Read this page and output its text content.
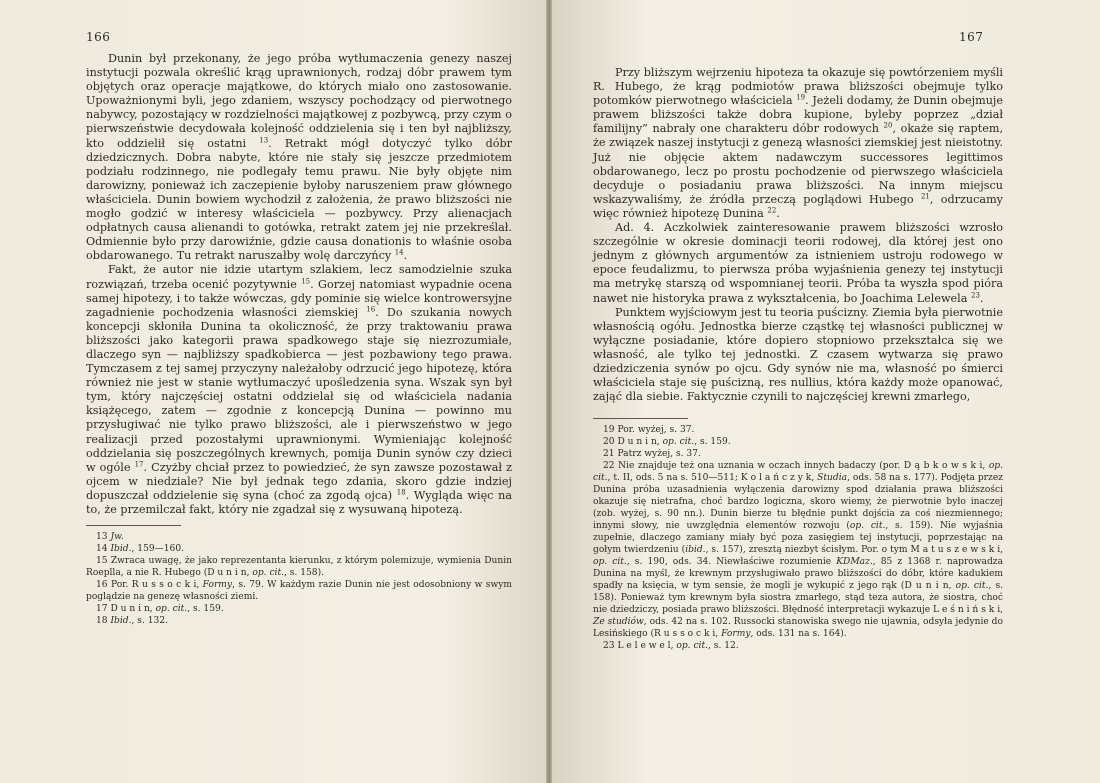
166

Dunin był przekonany, że jego próba wytłumaczenia genezy naszej instytucji pozwala określić krąg uprawnionych, rodzaj dóbr prawem tym objętych oraz operacje majątkowe, do których miało ono zastosowanie. Upoważnionymi byli, jego zdaniem, wszyscy pochodzący od pierwotnego nabywcy, pozostający w rozdzielności majątkowej z pozbywcą, przy czym o pierwszeństwie decydowała kolejność oddzielenia się i ten był najbliższy, kto oddzielił się ostatni $^{13}$. Retrakt mógł dotyczyć tylko dóbr dziedzicznych. Dobra nabyte, które nie stały się jeszcze przedmiotem podziału rodzinnego, nie podlegały temu prawu. Nie były objęte nim darowizny, ponieważ ich zaczepienie byłoby naruszeniem praw głównego właściciela. Dunin bowiem wychodził z założenia, że prawo bliższości nie mogło godzić w interesy właściciela — pozbywcy. Przy alienacjach odpłatnych causa alienandi to gotówka, retrakt zatem jej nie przekreślał. Odmiennie było przy darowiźnie, gdzie causa donationis to właśnie osoba obdarowanego. Tu retrakt naruszałby wolę darczyńcy $^{14}$.

Fakt, że autor nie idzie utartym szlakiem, lecz samodzielnie szuka rozwiązań, trzeba ocenić pozytywnie $^{15}$. Gorzej natomiast wypadnie ocena samej hipotezy, i to także wówczas, gdy pominie się wielce kontrowersyjne zagadnienie pochodzenia własności ziemskiej $^{16}$. Do szukania nowych koncepcji skłoniła Dunina ta okoliczność, że przy traktowaniu prawa bliższości jako kategorii prawa spadkowego staje się niezrozumiałe, dlaczego syn — najbliższy spadkobierca — jest pozbawiony tego prawa. Tymczasem z tej samej przyczyny należałoby odrzucić jego hipotezę, która również nie jest w stanie wytłumaczyć upośledzenia syna. Wszak syn był tym, który najczęściej ostatni oddzielał się od właściciela nadania książęcego, zatem — zgodnie z koncepcją Dunina — powinno mu przysługiwać nie tylko prawo bliższości, ale i pierwszeństwo w jego realizacji przed pozostałymi uprawnionymi. Wymieniając kolejność oddzielania się poszczególnych krewnych, pomija Dunin synów czy dzieci w ogóle $^{17}$. Czyżby chciał przez to powiedzieć, że syn zawsze pozostawał z ojcem w niedziale? Nie był jednak tego zdania, skoro gdzie indziej dopuszczał oddzielenie się syna (choć za zgodą ojca) $^{18}$. Wygląda więc na to, że przemilczał fakt, który nie zgadzał się z wysuwaną hipotezą.

13 Jw.
14 Ibid., 159—160.
15 Zwraca uwagę, że jako reprezentanta kierunku, z którym polemizuje, wymienia Dunin Roeplla, a nie R. Hubego (D u n i n, op. cit., s. 158).
16 Por. R u s s o c k i, Formy, s. 79. W każdym razie Dunin nie jest odosobniony w swym poglądzie na genezę własności ziemi.
17 D u n i n, op. cit., s. 159.
18 Ibid., s. 132.
167

Przy bliższym wejrzeniu hipoteza ta okazuje się powtórzeniem myśli R. Hubego, że krąg podmiotów prawa bliższości obejmuje tylko potomków pierwotnego właściciela $^{19}$. Jeżeli dodamy, że Dunin obejmuje prawem bliższości także dobra kupione, byleby poprzez „dział familijny” nabrały one charakteru dóbr rodowych $^{20}$, okaże się raptem, że związek naszej instytucji z genezą własności ziemskiej jest nieistotny. Już nie objęcie aktem nadawczym successores legittimos obdarowanego, lecz po prostu pochodzenie od pierwszego właściciela decyduje o posiadaniu prawa bliższości. Na innym miejscu wskazywaliśmy, że źródła przeczą poglądowi Hubego $^{21}$, odrzucamy więc również hipotezę Dunina $^{22}$.

Ad. 4. Aczkolwiek zainteresowanie prawem bliższości wzrosło szczególnie w okresie dominacji teorii rodowej, dla której jest ono jednym z głównych argumentów za istnieniem ustroju rodowego w epoce feudalizmu, to pierwsza próba wyjaśnienia genezy tej instytucji ma metrykę starszą od wspomnianej teorii. Próba ta wyszła spod pióra nawet nie historyka prawa z wykształcenia, bo Joachima Lelewela $^{23}$.

Punktem wyjściowym jest tu teoria puścizny. Ziemia była pierwotnie własnością ogółu. Jednostka bierze cząstkę tej własności publicznej w wyłączne posiadanie, które dopiero stopniowo przekształca się we własność, ale tylko tej jednostki. Z czasem wytwarza się prawo dziedziczenia synów po ojcu. Gdy synów nie ma, własność po śmierci właściciela staje się puścizną, res nullius, która każdy może opanować, zająć dla siebie. Faktycznie czynili to najczęściej krewni zmarłego,

19 Por. wyżej, s. 37.
20 D u n i n, op. cit., s. 159.
21 Patrz wyżej, s. 37.
22 Nie znajduje też ona uznania w oczach innych badaczy (por. D ą b k o w s k i, op. cit., t. II, ods. 5 na s. 510—511; K o l a ń c z y k, Studia, ods. 58 na s. 177). Podjęta przez Dunina próba uzasadnienia wyłączenia darowizny spod działania prawa bliższości okazuje się nietrafna, choć bardzo logiczna, skoro wiemy, że pierwotnie było inaczej (zob. wyżej, s. 90 nn.). Dunin bierze tu błędnie punkt dojścia za coś niezmiennego; innymi słowy, nie uwzględnia elementów rozwoju (op. cit., s. 159). Nie wyjaśnia zupełnie, dlaczego zamiany miały być poza zasięgiem tej instytucji, poprzestając na gołym twierdzeniu (ibid., s. 157), zresztą niezbyt ścisłym. Por. o tym M a t u s z e w s k i, op. cit., s. 190, ods. 34. Niewłaściwe rozumienie KDMaz., 85 z 1368 r. naprowadza Dunina na myśl, że krewnym przysługiwało prawo bliższości do dóbr, które kadukiem spadły na księcia, w tym sensie, że mogli je wykupić z jego rąk (D u n i n, op. cit., s. 158). Ponieważ tym krewnym była siostra zmarłego, stąd teza autora, że siostra, choć nie dziedziczy, posiada prawo bliższości. Błędność interpretacji wykazuje L e ś n i ń s k i, Ze studiów, ods. 42 na s. 102. Russocki stanowiska swego nie ujawnia, odsyła jedynie do Lesińskiego (R u s s o c k i, Formy, ods. 131 na s. 164).
23 L e l e w e l, op. cit., s. 12.
